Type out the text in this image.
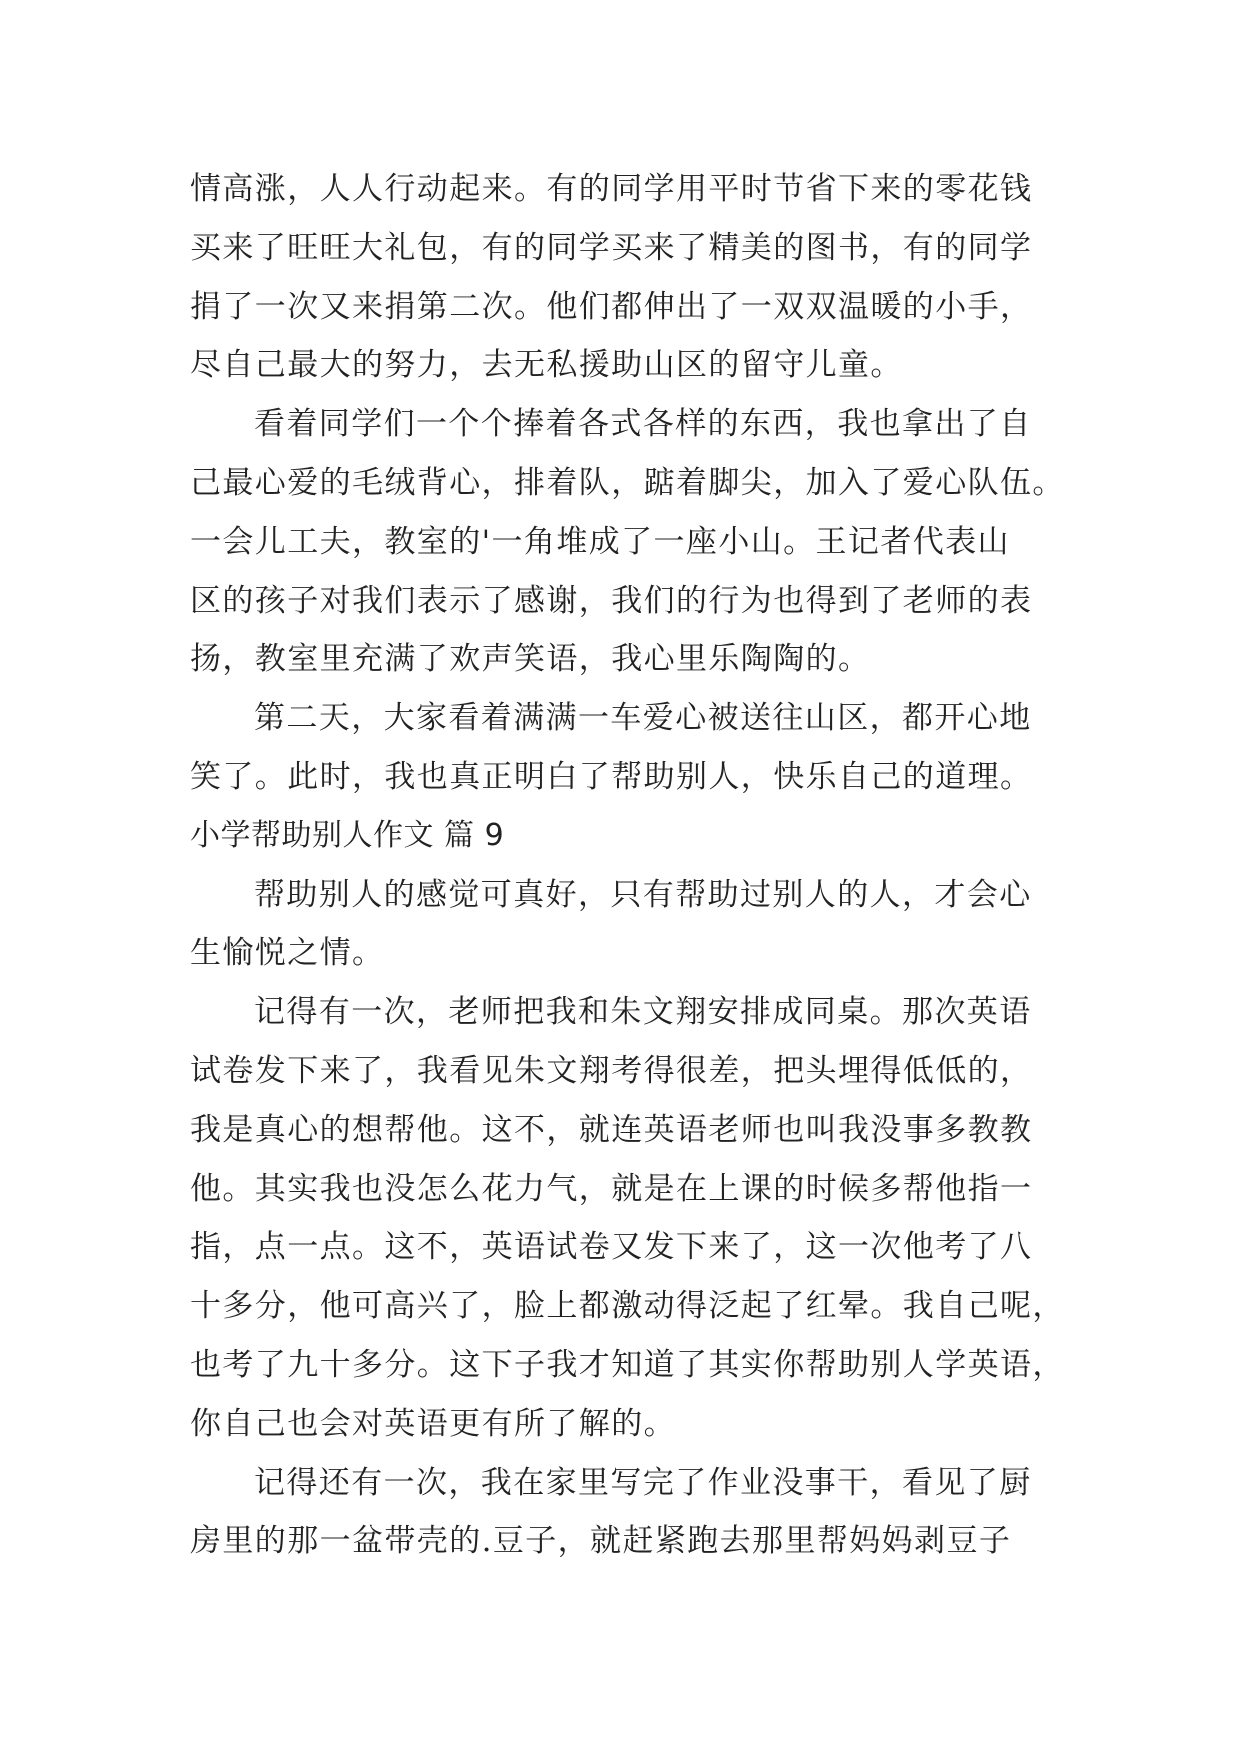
情高涨，人人行动起来。有的同学用平时节省下来的零花钱
买来了旺旺大礼包，有的同学买来了精美的图书，有的同学
捐了一次又来捐第二次。他们都伸出了一双双温暖的小手，
尽自己最大的努力，去无私援助山区的留守儿童。
看着同学们一个个捧着各式各样的东西，我也拿出了自
己最心爱的毛绒背心，排着队，踮着脚尖，加入了爱心队伍。
一会儿工夫，教室的'一角堆成了一座小山。王记者代表山
区的孩子对我们表示了感谢，我们的行为也得到了老师的表
扬，教室里充满了欢声笑语，我心里乐陶陶的。
第二天，大家看着满满一车爱心被送往山区，都开心地
笑了。此时，我也真正明白了帮助别人，快乐自己的道理。
小学帮助别人作文 篇 9
帮助别人的感觉可真好，只有帮助过别人的人，才会心
生愉悦之情。
记得有一次，老师把我和朱文翔安排成同桌。那次英语
试卷发下来了，我看见朱文翔考得很差，把头埋得低低的，
我是真心的想帮他。这不，就连英语老师也叫我没事多教教
他。其实我也没怎么花力气，就是在上课的时候多帮他指一
指，点一点。这不，英语试卷又发下来了，这一次他考了八
十多分，他可高兴了，脸上都激动得泛起了红晕。我自己呢，
也考了九十多分。这下子我才知道了其实你帮助别人学英语，
你自己也会对英语更有所了解的。
记得还有一次，我在家里写完了作业没事干，看见了厨
房里的那一盆带壳的.豆子，就赶紧跑去那里帮妈妈剥豆子
